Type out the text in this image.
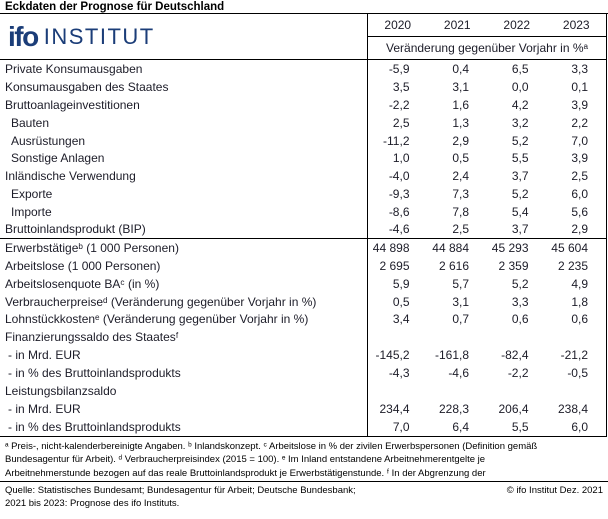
Eckdaten der Prognose für Deutschland
ifo INSTITUT	2020	2021	2022	2023
Veränderung gegenüber Vorjahr in %ᵃ
Private Konsumausgaben	-5,9	0,4	6,5	3,3
Konsumausgaben des Staates	3,5	3,1	0,0	0,1
Bruttoanlageinvestitionen	-2,2	1,6	4,2	3,9
Bauten	2,5	1,3	3,2	2,2
Ausrüstungen	-11,2	2,9	5,2	7,0
Sonstige Anlagen	1,0	0,5	5,5	3,9
Inländische Verwendung	-4,0	2,4	3,7	2,5
Exporte	-9,3	7,3	5,2	6,0
Importe	-8,6	7,8	5,4	5,6
Bruttoinlandsprodukt (BIP)	-4,6	2,5	3,7	2,9
Erwerbstätigeᵇ (1 000 Personen)	44 898	44 884	45 293	45 604
Arbeitslose (1 000 Personen)	2 695	2 616	2 359	2 235
Arbeitslosenquote BAᶜ (in %)	5,9	5,7	5,2	4,9
Verbraucherpreiseᵈ (Veränderung gegenüber Vorjahr in %)	0,5	3,1	3,3	1,8
Lohnstückkostenᵉ (Veränderung gegenüber Vorjahr in %)	3,4	0,7	0,6	0,6
Finanzierungssaldo des Staatesᶠ
- in Mrd. EUR	-145,2	-161,8	-82,4	-21,2
- in % des Bruttoinlandsprodukts	-4,3	-4,6	-2,2	-0,5
Leistungsbilanzsaldo
- in Mrd. EUR	234,4	228,3	206,4	238,4
- in % des Bruttoinlandsprodukts	7,0	6,4	5,5	6,0
ᵃ Preis-, nicht-kalenderbereinigte Angaben. ᵇ Inlandskonzept. ᶜ Arbeitslose in % der zivilen Erwerbspersonen (Definition gemäß
Bundesagentur für Arbeit). ᵈ Verbraucherpreisindex (2015 = 100). ᵉ Im Inland entstandene Arbeitnehmerentgelte je
Arbeitnehmerstunde bezogen auf das reale Bruttoinlandsprodukt je Erwerbstätigenstunde. ᶠ In der Abgrenzung der
Quelle: Statistisches Bundesamt; Bundesagentur für Arbeit; Deutsche Bundesbank;	© ifo Institut Dez. 2021
2021 bis 2023: Prognose des ifo Instituts.
